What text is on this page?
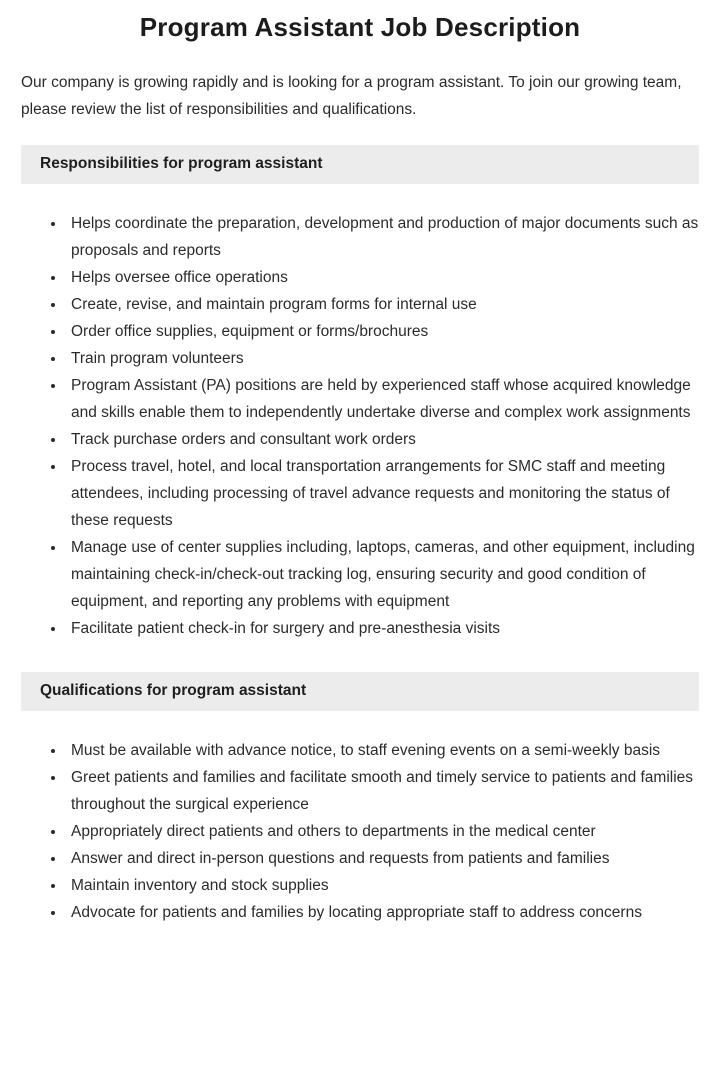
Program Assistant Job Description

Our company is growing rapidly and is looking for a program assistant. To join our growing team, please review the list of responsibilities and qualifications.

Responsibilities for program assistant
• Helps coordinate the preparation, development and production of major documents such as proposals and reports
• Helps oversee office operations
• Create, revise, and maintain program forms for internal use
• Order office supplies, equipment or forms/brochures
• Train program volunteers
• Program Assistant (PA) positions are held by experienced staff whose acquired knowledge and skills enable them to independently undertake diverse and complex work assignments
• Track purchase orders and consultant work orders
• Process travel, hotel, and local transportation arrangements for SMC staff and meeting attendees, including processing of travel advance requests and monitoring the status of these requests
• Manage use of center supplies including, laptops, cameras, and other equipment, including maintaining check-in/check-out tracking log, ensuring security and good condition of equipment, and reporting any problems with equipment
• Facilitate patient check-in for surgery and pre-anesthesia visits
Qualifications for program assistant
• Must be available with advance notice, to staff evening events on a semi-weekly basis
• Greet patients and families and facilitate smooth and timely service to patients and families throughout the surgical experience
• Appropriately direct patients and others to departments in the medical center
• Answer and direct in-person questions and requests from patients and families
• Maintain inventory and stock supplies
• Advocate for patients and families by locating appropriate staff to address concerns
